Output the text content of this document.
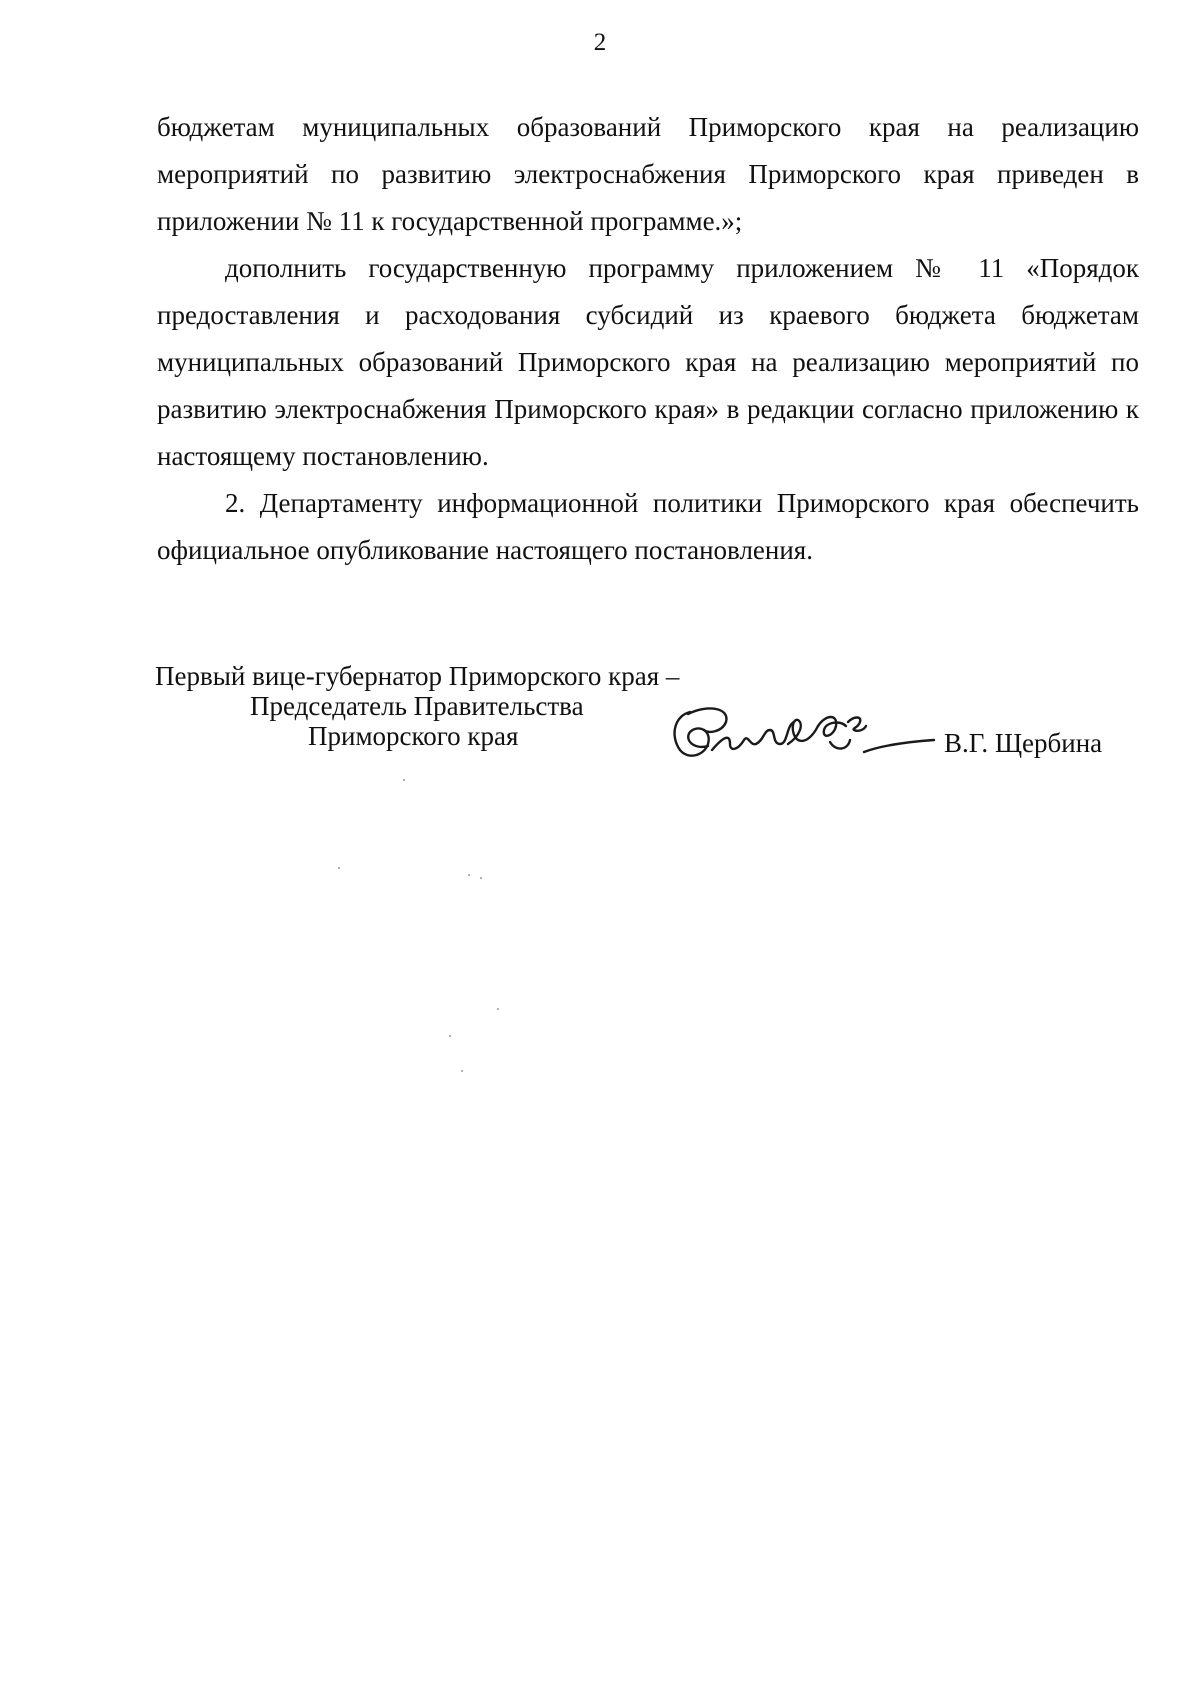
2

бюджетам муниципальных образований Приморского края на реализацию мероприятий по развитию электроснабжения Приморского края приведен в приложении № 11 к государственной программе.»;

дополнить государственную программу приложением № 11 «Порядок предоставления и расходования субсидий из краевого бюджета бюджетам муниципальных образований Приморского края на реализацию мероприятий по развитию электроснабжения Приморского края» в редакции согласно приложению к настоящему постановлению.

2. Департаменту информационной политики Приморского края обеспечить официальное опубликование настоящего постановления.

Первый вице-губернатор Приморского края –
Председатель Правительства
Приморского края	В.Г. Щербина
